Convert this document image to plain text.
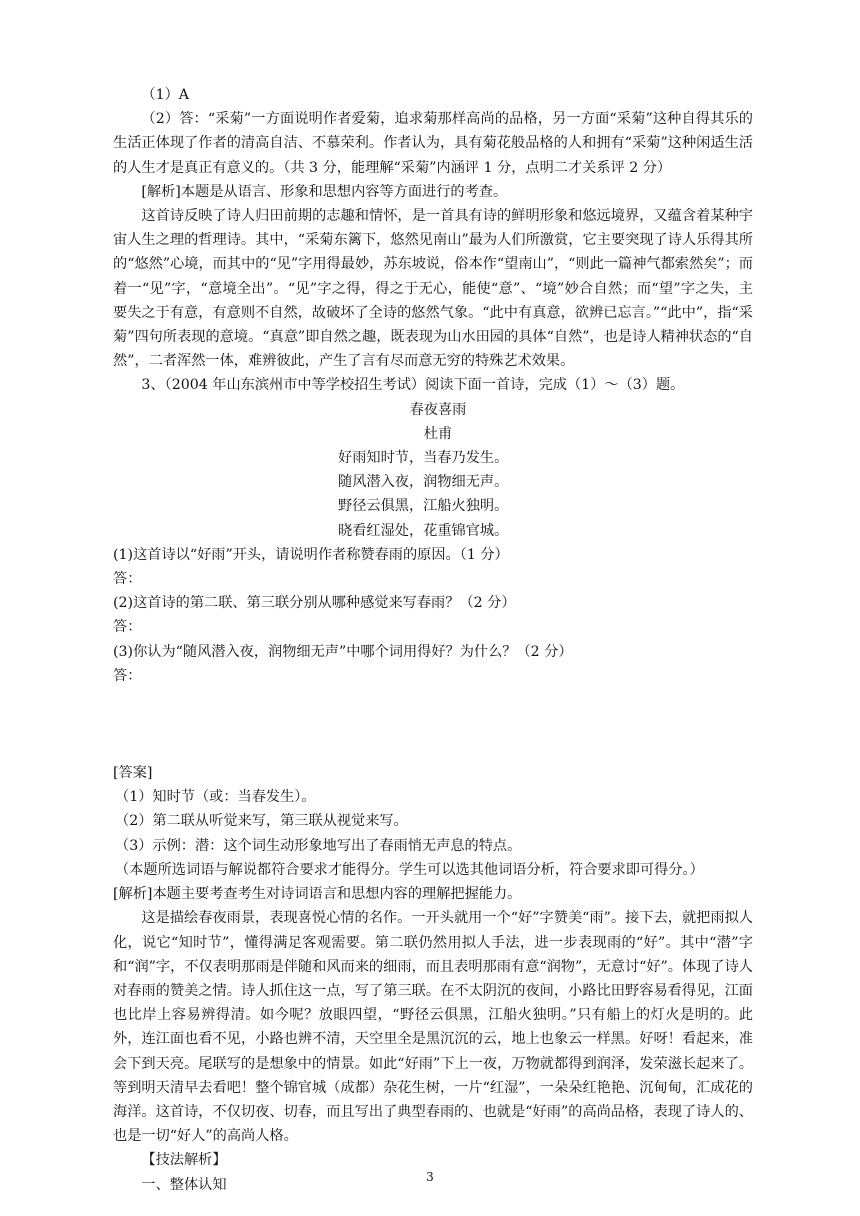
（1）A

（2）答：“采菊”一方面说明作者爱菊，追求菊那样高尚的品格，另一方面“采菊”这种自得其乐的生活正体现了作者的清高自洁、不慕荣利。作者认为，具有菊花般品格的人和拥有“采菊”这种闲适生活的人生才是真正有意义的。（共 3 分，能理解“采菊”内涵评 1 分，点明二才关系评 2 分）

[解析]本题是从语言、形象和思想内容等方面进行的考查。

这首诗反映了诗人归田前期的志趣和情怀，是一首具有诗的鲜明形象和悠远境界，又蕴含着某种宇宙人生之理的哲理诗。其中，“采菊东篱下，悠然见南山”最为人们所激赏，它主要突现了诗人乐得其所的“悠然”心境，而其中的“见”字用得最妙，苏东坡说，俗本作“望南山”，“则此一篇神气都索然矣”；而着一“见”字，“意境全出”。“见”字之得，得之于无心，能使“意”、“境”妙合自然；而“望”字之失，主要失之于有意，有意则不自然，故破坏了全诗的悠然气象。“此中有真意，欲辨已忘言。”“此中”，指“采菊”四句所表现的意境。“真意”即自然之趣，既表现为山水田园的具体“自然”，也是诗人精神状态的“自然”，二者浑然一体，难辨彼此，产生了言有尽而意无穷的特殊艺术效果。

3、（2004 年山东滨州市中等学校招生考试）阅读下面一首诗，完成（1）～（3）题。

春夜喜雨

杜甫

好雨知时节，当春乃发生。

随风潜入夜，润物细无声。

野径云俱黑，江船火独明。

晓看红湿处，花重锦官城。

(1)这首诗以“好雨”开头，请说明作者称赞春雨的原因。（1 分）

答：

(2)这首诗的第二联、第三联分别从哪种感觉来写春雨？（2 分）

答：

(3)你认为“随风潜入夜，润物细无声”中哪个词用得好？为什么？（2 分）

答：

[答案]

（1）知时节（或：当春发生）。

（2）第二联从听觉来写，第三联从视觉来写。

（3）示例：潜：这个词生动形象地写出了春雨悄无声息的特点。

（本题所选词语与解说都符合要求才能得分。学生可以选其他词语分析，符合要求即可得分。）

[解析]本题主要考查考生对诗词语言和思想内容的理解把握能力。

这是描绘春夜雨景，表现喜悦心情的名作。一开头就用一个“好”字赞美“雨”。接下去，就把雨拟人化，说它“知时节”，懂得满足客观需要。第二联仍然用拟人手法，进一步表现雨的“好”。其中“潜”字和“润”字，不仅表明那雨是伴随和风而来的细雨，而且表明那雨有意“润物”，无意讨“好”。体现了诗人对春雨的赞美之情。诗人抓住这一点，写了第三联。在不太阴沉的夜间，小路比田野容易看得见，江面也比岸上容易辨得清。如今呢？放眼四望，“野径云俱黑，江船火独明。”只有船上的灯火是明的。此外，连江面也看不见，小路也辨不清，天空里全是黑沉沉的云，地上也象云一样黑。好呀！看起来，准会下到天亮。尾联写的是想象中的情景。如此“好雨”下上一夜，万物就都得到润泽，发荣滋长起来了。等到明天清早去看吧！整个锦官城（成都）杂花生树，一片“红湿”，一朵朵红艳艳、沉甸甸，汇成花的海洋。这首诗，不仅切夜、切春，而且写出了典型春雨的、也就是“好雨”的高尚品格，表现了诗人的、也是一切“好人”的高尚人格。

【技法解析】

一、整体认知	3
